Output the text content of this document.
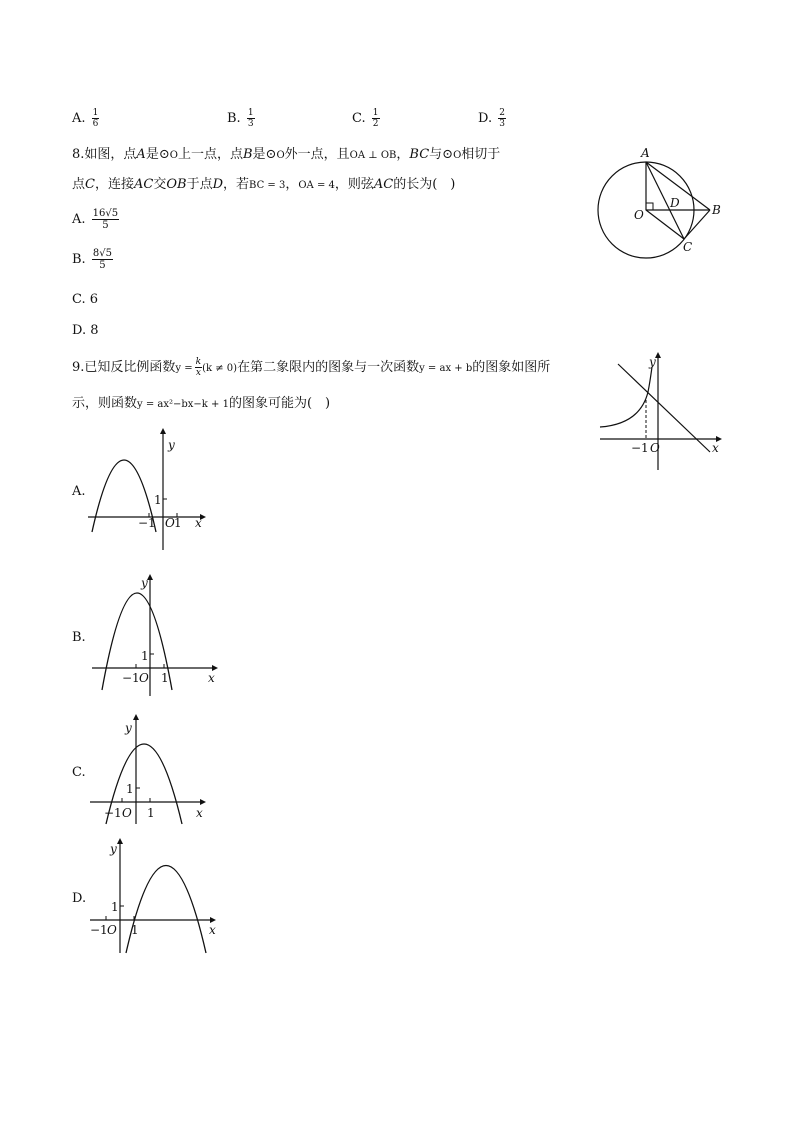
A. $\frac{1}{6}$	B. $\frac{1}{3}$	C. $\frac{1}{2}$	D. $\frac{2}{3}$
8.如图，点A是⊙O上一点，点B是⊙O外一点，且OA ⊥ OB，BC与⊙O相切于
点C，连接AC交OB于点D，若BC = 3，OA = 4，则弦AC的长为(　)
A. $\frac{16√5}{5}$
B. $\frac{8√5}{5}$
C. 6
D. 8
A
O
D	B
C
9.已知反比例函数$y = \frac{k}{x} (k \ne 0)$在第二象限内的图象与一次函数y = ax + b的图象如图所
示，则函数y = ax²−bx−k + 1的图象可能为(　)
y
x
−1 O
A.
y
x
1
−1 O 1
B.
y
x
1
−1 O 1
C.
y
x
1
−1 O 1
D.
y
x
1
−1 O 1
